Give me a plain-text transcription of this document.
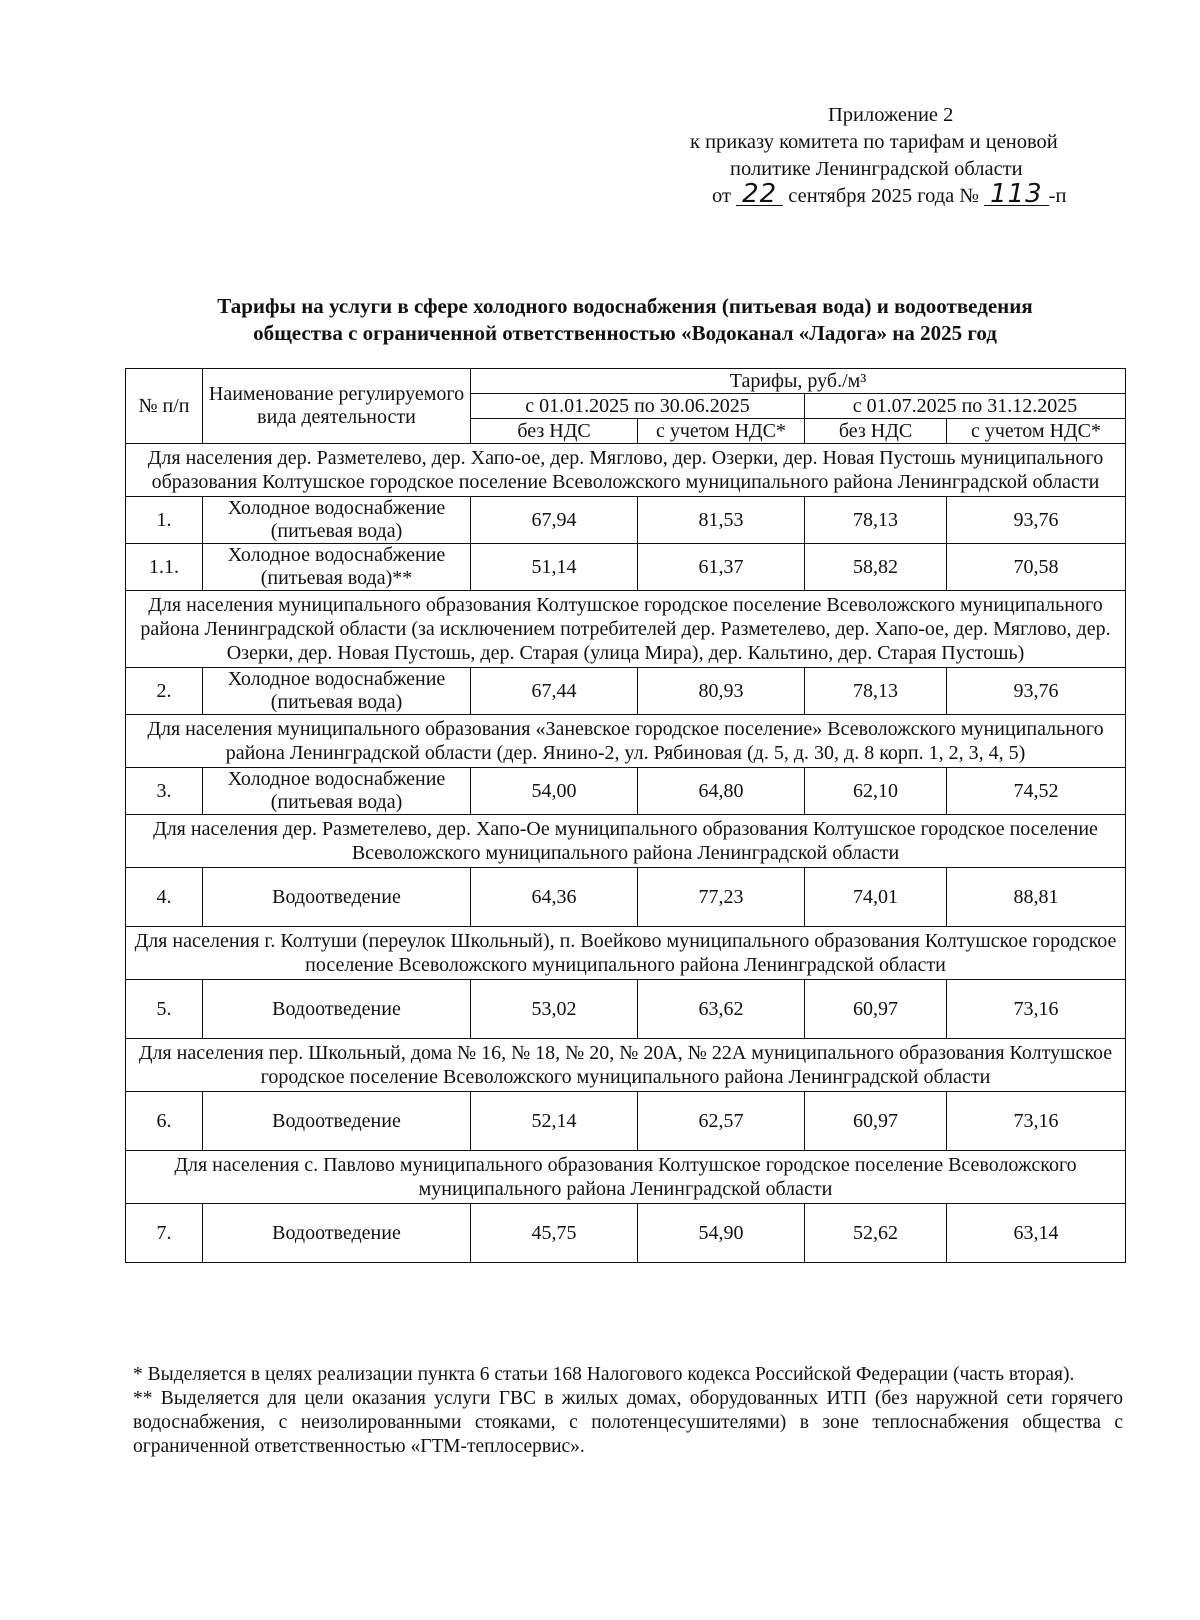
Приложение 2
к приказу комитета по тарифам и ценовой
политике Ленинградской области
от 22 сентября 2025 года № 113 -п
Тарифы на услуги в сфере холодного водоснабжения (питьевая вода) и водоотведения
общества с ограниченной ответственностью «Водоканал «Ладога» на 2025 год
№ п/п	Наименование регулируемого вида деятельности	Тарифы, руб./м³			
		с 01.01.2025 по 30.06.2025		с 01.07.2025 по 31.12.2025	
		без НДС	с учетом НДС*	без НДС	с учетом НДС*
Для населения дер. Разметелево, дер. Хапо-ое, дер. Мяглово, дер. Озерки, дер. Новая Пустошь муниципального образования Колтушское городское поселение Всеволожского муниципального района Ленинградской области					
1.	Холодное водоснабжение (питьевая вода)	67,94	81,53	78,13	93,76
1.1.	Холодное водоснабжение (питьевая вода)**	51,14	61,37	58,82	70,58
Для населения муниципального образования Колтушское городское поселение Всеволожского муниципального района Ленинградской области (за исключением потребителей дер. Разметелево, дер. Хапо-ое, дер. Мяглово, дер. Озерки, дер. Новая Пустошь, дер. Старая (улица Мира), дер. Кальтино, дер. Старая Пустошь)					
2.	Холодное водоснабжение (питьевая вода)	67,44	80,93	78,13	93,76
Для населения муниципального образования «Заневское городское поселение» Всеволожского муниципального района Ленинградской области (дер. Янино-2, ул. Рябиновая (д. 5, д. 30, д. 8 корп. 1, 2, 3, 4, 5)					
3.	Холодное водоснабжение (питьевая вода)	54,00	64,80	62,10	74,52
Для населения дер. Разметелево, дер. Хапо-Ое муниципального образования Колтушское городское поселение Всеволожского муниципального района Ленинградской области					
4.	Водоотведение	64,36	77,23	74,01	88,81
Для населения г. Колтуши (переулок Школьный), п. Воейково муниципального образования Колтушское городское поселение Всеволожского муниципального района Ленинградской области					
5.	Водоотведение	53,02	63,62	60,97	73,16
Для населения пер. Школьный, дома № 16, № 18, № 20, № 20А, № 22А муниципального образования Колтушское городское поселение Всеволожского муниципального района Ленинградской области					
6.	Водоотведение	52,14	62,57	60,97	73,16
Для населения с. Павлово муниципального образования Колтушское городское поселение Всеволожского муниципального района Ленинградской области					
7.	Водоотведение	45,75	54,90	52,62	63,14

* Выделяется в целях реализации пункта 6 статьи 168 Налогового кодекса Российской Федерации (часть вторая).

** Выделяется для цели оказания услуги ГВС в жилых домах, оборудованных ИТП (без наружной сети горячего водоснабжения, с неизолированными стояками, с полотенцесушителями) в зоне теплоснабжения общества с ограниченной ответственностью «ГТМ-теплосервис».
